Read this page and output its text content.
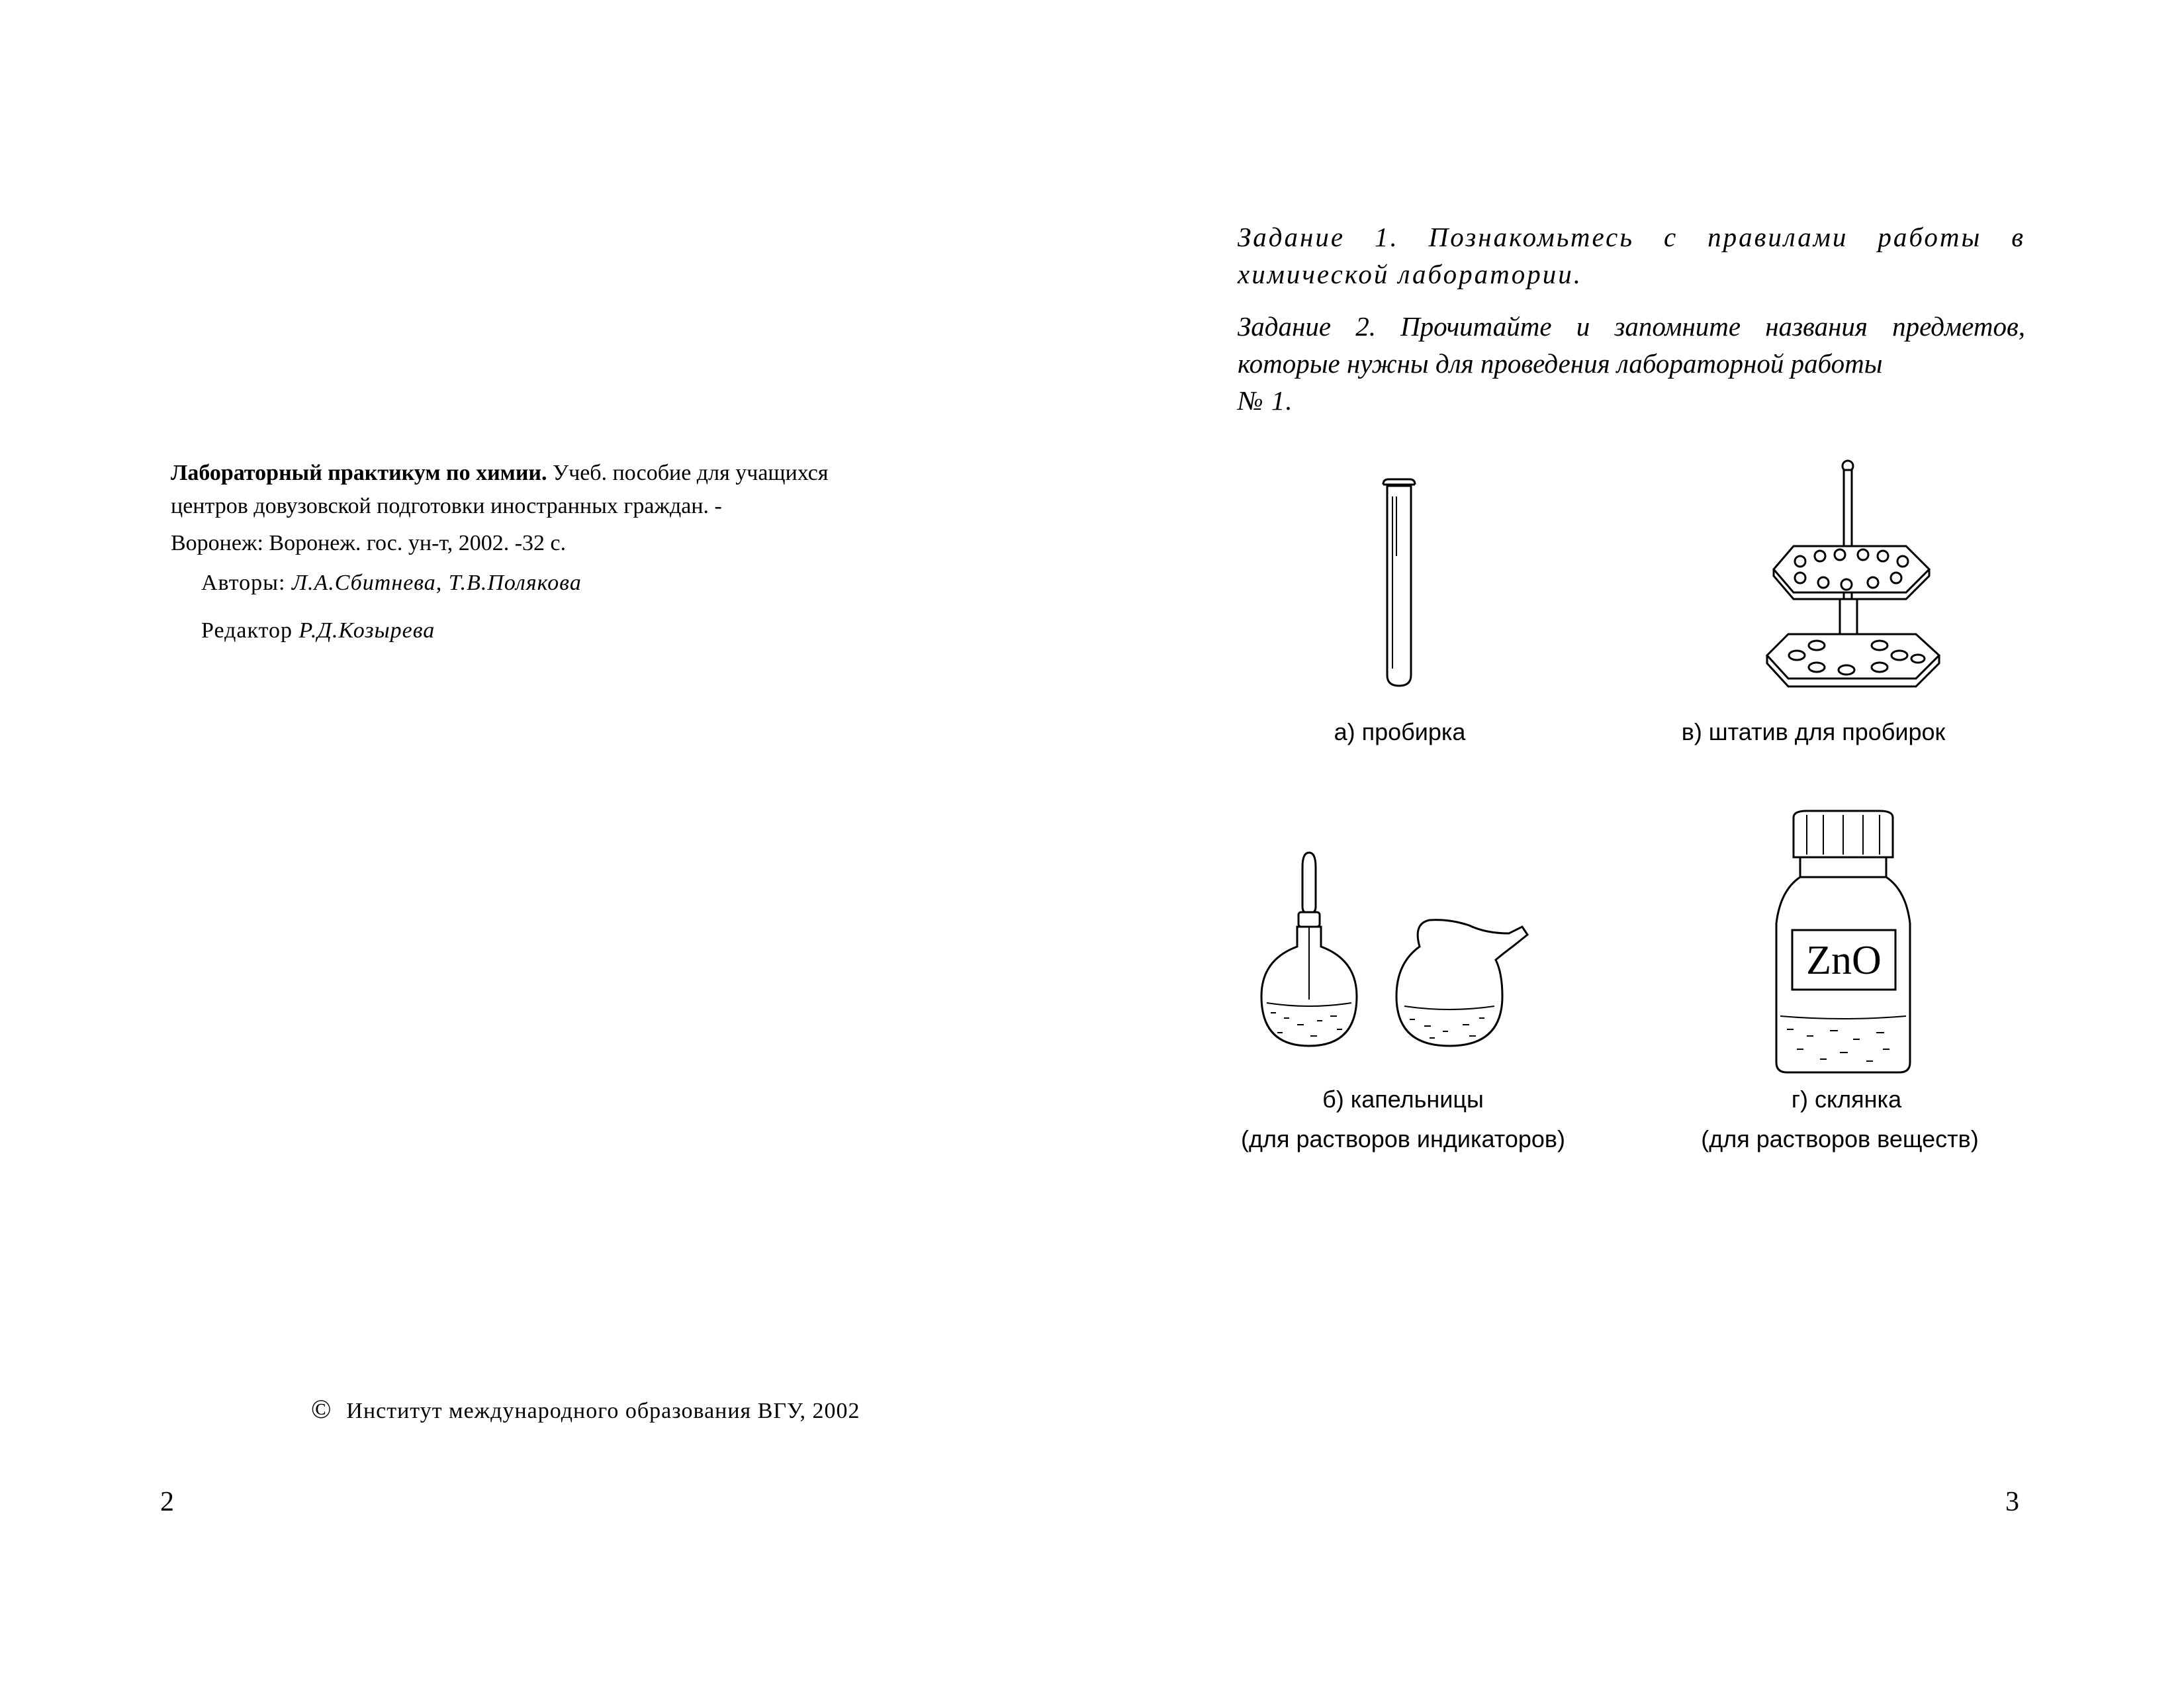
Лабораторный практикум по химии. Учеб. пособие для учащихся
центров довузовской подготовки иностранных граждан. -
Воронеж: Воронеж. гос. ун-т, 2002. -32 с.
Авторы: Л.А.Сбитнева, Т.В.Полякова
Редактор Р.Д.Козырева
© Институт международного образования ВГУ, 2002
2
Задание 1. Познакомьтесь с правилами работы в химической лаборатории.
Задание 2. Прочитайте и запомните названия предметов, которые нужны для проведения лабораторной работы
№ 1.
а) пробирка	в) штатив для пробирок
б) капельницы
(для растворов индикаторов)
ZnO
г) склянка
(для растворов веществ)
3
